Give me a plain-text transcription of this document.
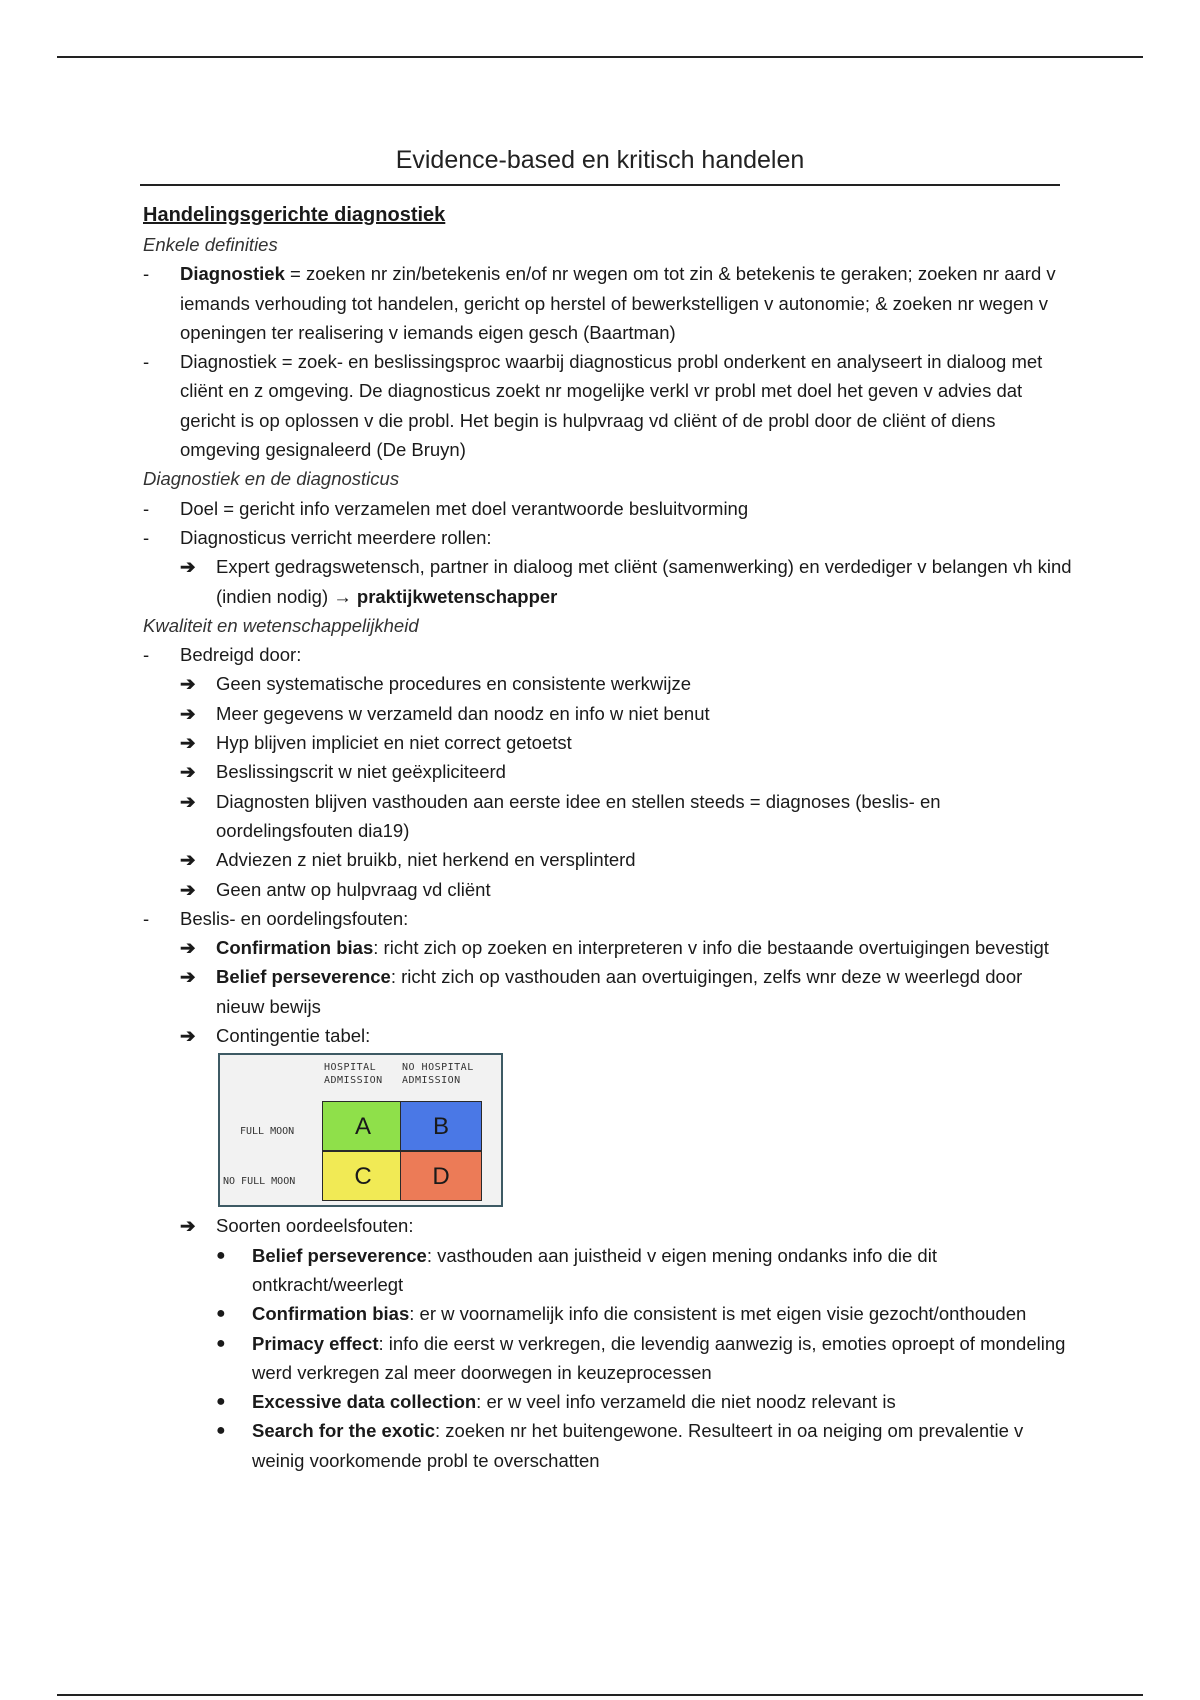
Evidence-based en kritisch handelen
Handelingsgerichte diagnostiek
Enkele definities
- Diagnostiek = zoeken nr zin/betekenis en/of nr wegen om tot zin & betekenis te geraken; zoeken nr aard v iemands verhouding tot handelen, gericht op herstel of bewerkstelligen v autonomie; & zoeken nr wegen v openingen ter realisering v iemands eigen gesch (Baartman)
- Diagnostiek = zoek- en beslissingsproc waarbij diagnosticus probl onderkent en analyseert in dialoog met cliënt en z omgeving. De diagnosticus zoekt nr mogelijke verkl vr probl met doel het geven v advies dat gericht is op oplossen v die probl. Het begin is hulpvraag vd cliënt of de probl door de cliënt of diens omgeving gesignaleerd (De Bruyn)
Diagnostiek en de diagnosticus
- Doel = gericht info verzamelen met doel verantwoorde besluitvorming
- Diagnosticus verricht meerdere rollen:
➔ Expert gedragswetensch, partner in dialoog met cliënt (samenwerking) en verdediger v belangen vh kind (indien nodig) → praktijkwetenschapper
Kwaliteit en wetenschappelijkheid
- Bedreigd door:
➔ Geen systematische procedures en consistente werkwijze
➔ Meer gegevens w verzameld dan noodz en info w niet benut
➔ Hyp blijven impliciet en niet correct getoetst
➔ Beslissingscrit w niet geëxpliciteerd
➔ Diagnosten blijven vasthouden aan eerste idee en stellen steeds = diagnoses (beslis- en oordelingsfouten dia19)
➔ Adviezen z niet bruikb, niet herkend en versplinterd
➔ Geen antw op hulpvraag vd cliënt
- Beslis- en oordelingsfouten:
➔ Confirmation bias: richt zich op zoeken en interpreteren v info die bestaande overtuigingen bevestigt
➔ Belief perseverence: richt zich op vasthouden aan overtuigingen, zelfs wnr deze w weerlegd door nieuw bewijs
➔ Contingentie tabel:
HOSPITAL ADMISSION
NO HOSPITAL ADMISSION
FULL MOON
NO FULL MOON
A	B
C	D
➔ Soorten oordeelsfouten:
● Belief perseverence: vasthouden aan juistheid v eigen mening ondanks info die dit ontkracht/weerlegt
● Confirmation bias: er w voornamelijk info die consistent is met eigen visie gezocht/onthouden
● Primacy effect: info die eerst w verkregen, die levendig aanwezig is, emoties oproept of mondeling werd verkregen zal meer doorwegen in keuzeprocessen
● Excessive data collection: er w veel info verzameld die niet noodz relevant is
● Search for the exotic: zoeken nr het buitengewone. Resulteert in oa neiging om prevalentie v weinig voorkomende probl te overschatten
